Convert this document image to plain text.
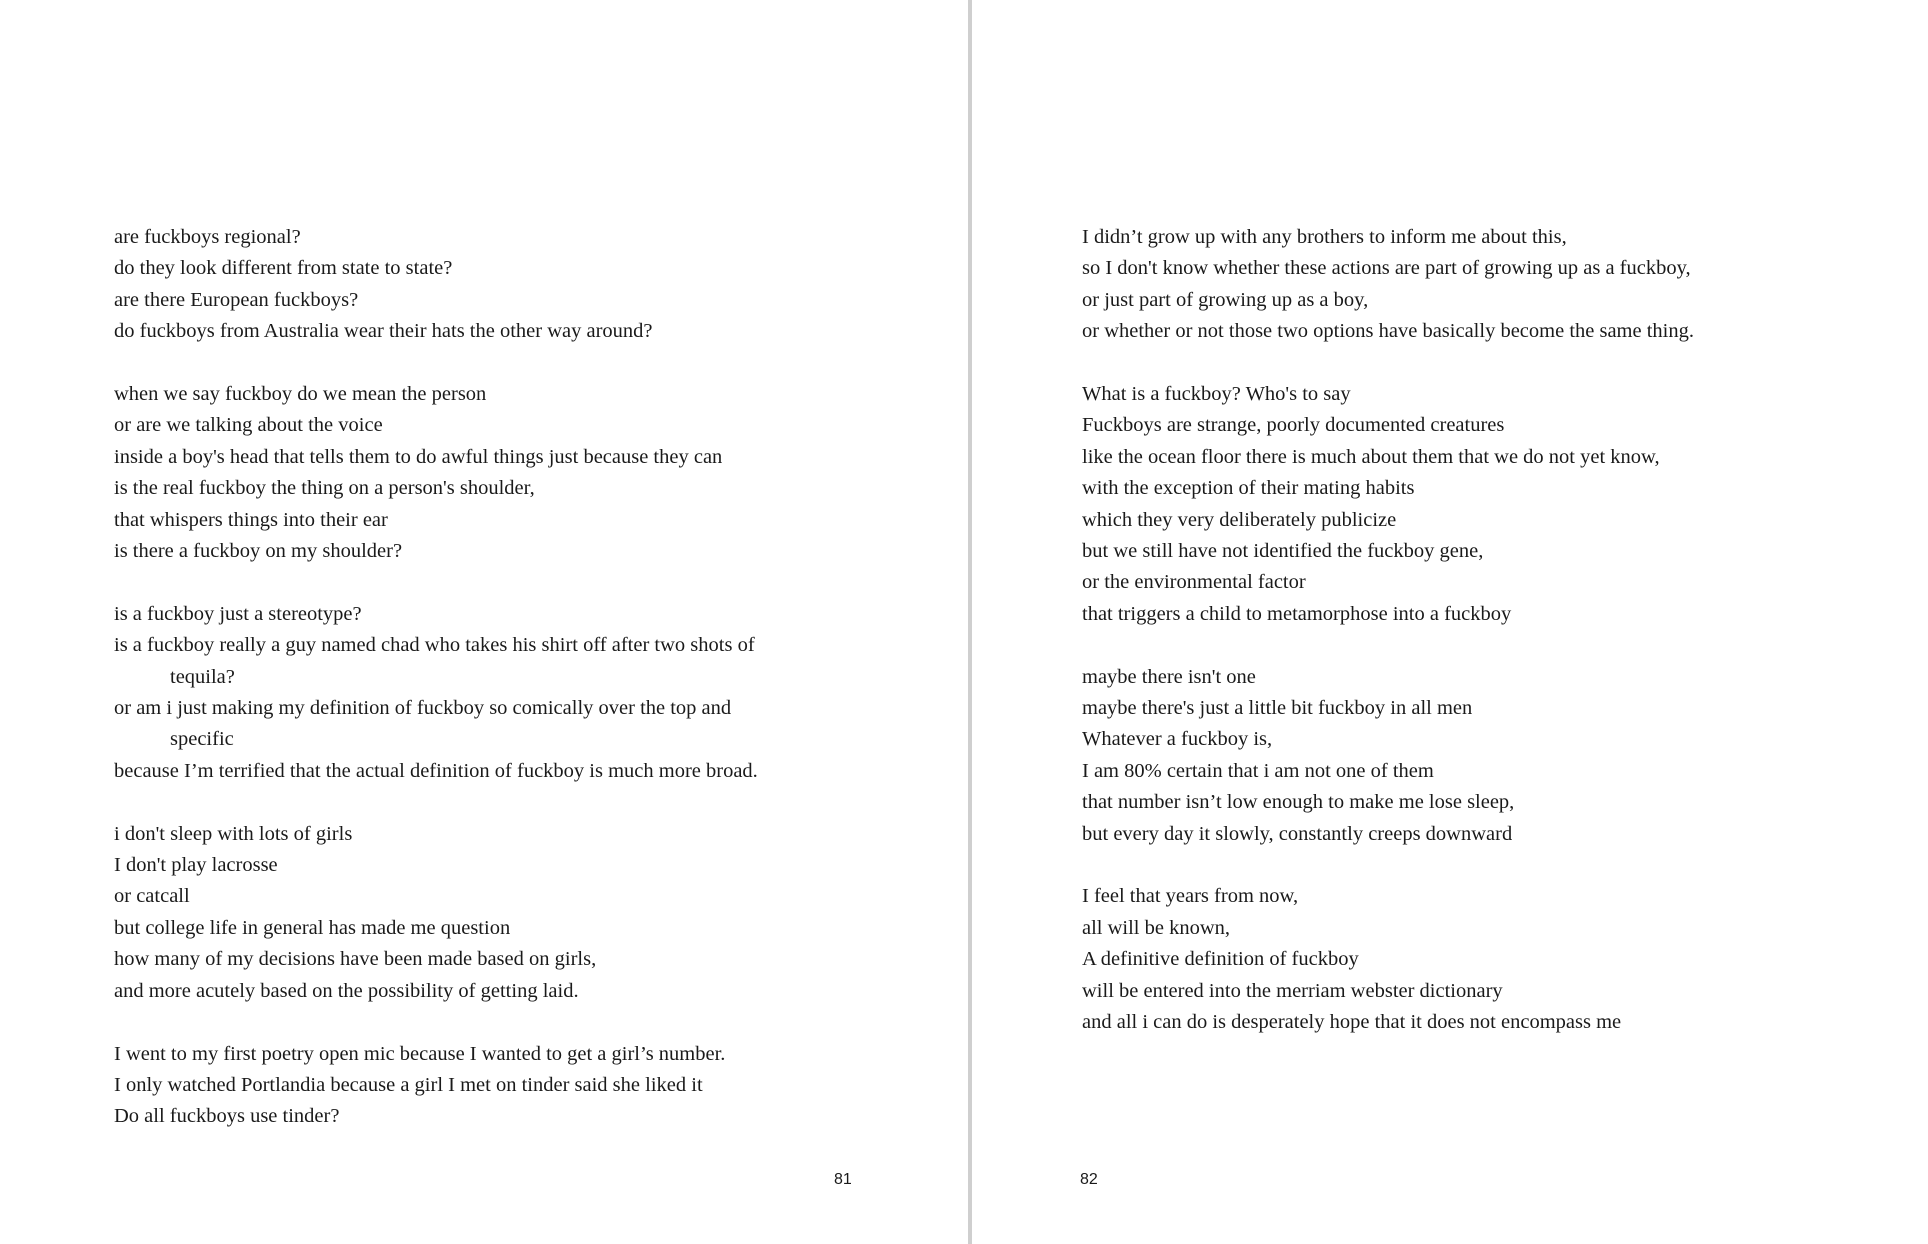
are fuckboys regional?
do they look different from state to state?
are there European fuckboys?
do fuckboys from Australia wear their hats the other way around?
when we say fuckboy do we mean the person
or are we talking about the voice
inside a boy's head that tells them to do awful things just because they can
is the real fuckboy the thing on a person's shoulder,
that whispers things into their ear
is there a fuckboy on my shoulder?
is a fuckboy just a stereotype?
is a fuckboy really a guy named chad who takes his shirt off after two shots of
tequila?
or am i just making my definition of fuckboy so comically over the top and
specific
because I’m terrified that the actual definition of fuckboy is much more broad.
i don't sleep with lots of girls
I don't play lacrosse
or catcall
but college life in general has made me question
how many of my decisions have been made based on girls,
and more acutely based on the possibility of getting laid.
I went to my first poetry open mic because I wanted to get a girl’s number.
I only watched Portlandia because a girl I met on tinder said she liked it
Do all fuckboys use tinder?
81
I didn’t grow up with any brothers to inform me about this,
so I don't know whether these actions are part of growing up as a fuckboy,
or just part of growing up as a boy,
or whether or not those two options have basically become the same thing.
What is a fuckboy? Who's to say
Fuckboys are strange, poorly documented creatures
like the ocean floor there is much about them that we do not yet know,
with the exception of their mating habits
which they very deliberately publicize
but we still have not identified the fuckboy gene,
or the environmental factor
that triggers a child to metamorphose into a fuckboy
maybe there isn't one
maybe there's just a little bit fuckboy in all men
Whatever a fuckboy is,
I am 80% certain that i am not one of them
that number isn’t low enough to make me lose sleep,
but every day it slowly, constantly creeps downward
I feel that years from now,
all will be known,
A definitive definition of fuckboy
will be entered into the merriam webster dictionary
and all i can do is desperately hope that it does not encompass me
82
